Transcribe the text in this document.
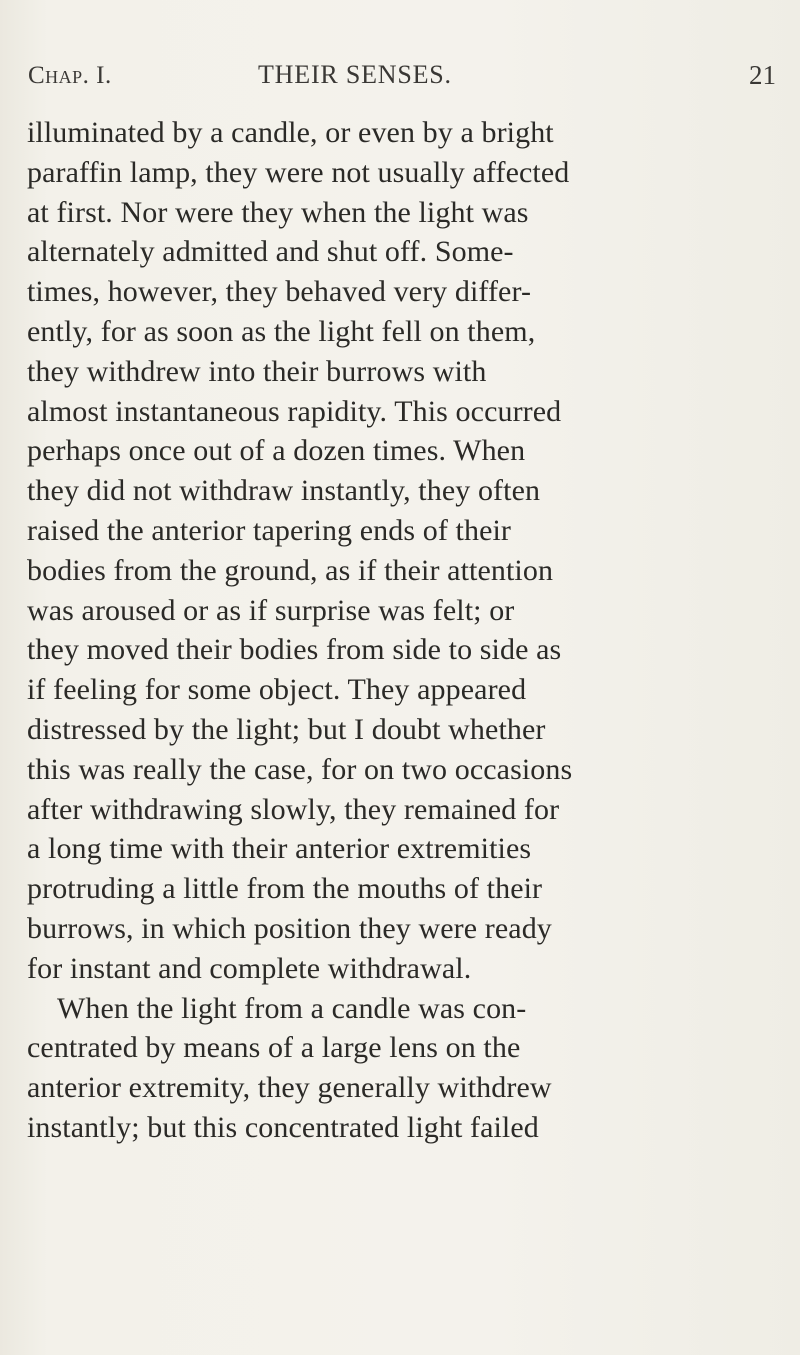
Chap. I.	THEIR SENSES.	21
illuminated by a candle, or even by a bright
paraffin lamp, they were not usually affected
at first. Nor were they when the light was
alternately admitted and shut off. Some-
times, however, they behaved very differ-
ently, for as soon as the light fell on them,
they withdrew into their burrows with
almost instantaneous rapidity. This occurred
perhaps once out of a dozen times. When
they did not withdraw instantly, they often
raised the anterior tapering ends of their
bodies from the ground, as if their attention
was aroused or as if surprise was felt; or
they moved their bodies from side to side as
if feeling for some object. They appeared
distressed by the light; but I doubt whether
this was really the case, for on two occasions
after withdrawing slowly, they remained for
a long time with their anterior extremities
protruding a little from the mouths of their
burrows, in which position they were ready
for instant and complete withdrawal.
When the light from a candle was con-
centrated by means of a large lens on the
anterior extremity, they generally withdrew
instantly; but this concentrated light failed
